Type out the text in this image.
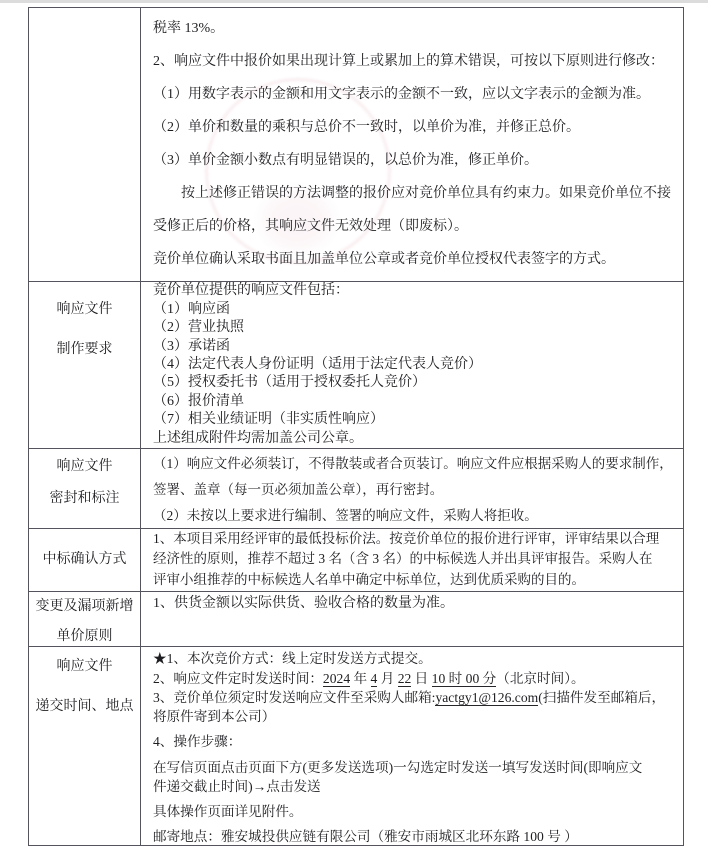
税率 13%。
2、响应文件中报价如果出现计算上或累加上的算术错误，可按以下原则进行修改：
（1）用数字表示的金额和用文字表示的金额不一致，应以文字表示的金额为准。
（2）单价和数量的乘积与总价不一致时，以单价为准，并修正总价。
（3）单价金额小数点有明显错误的，以总价为准，修正单价。
按上述修正错误的方法调整的报价应对竞价单位具有约束力。如果竞价单位不接
受修正后的价格，其响应文件无效处理（即废标）。
竞价单位确认采取书面且加盖单位公章或者竞价单位授权代表签字的方式。
响应文件
制作要求
竞价单位提供的响应文件包括：
（1）响应函
（2）营业执照
（3）承诺函
（4）法定代表人身份证明（适用于法定代表人竞价）
（5）授权委托书（适用于授权委托人竞价）
（6）报价清单
（7）相关业绩证明（非实质性响应）
上述组成附件均需加盖公司公章。
响应文件
密封和标注
（1）响应文件必须装订，不得散装或者合页装订。响应文件应根据采购人的要求制作，
签署、盖章（每一页必须加盖公章），再行密封。
（2）未按以上要求进行编制、签署的响应文件，采购人将拒收。
中标确认方式
1、本项目采用经评审的最低投标价法。按竞价单位的报价进行评审，评审结果以合理
经济性的原则，推荐不超过 3 名（含 3 名）的中标候选人并出具评审报告。采购人在
评审小组推荐的中标候选人名单中确定中标单位，达到优质采购的目的。
变更及漏项新增
单价原则
1、供货金额以实际供货、验收合格的数量为准。
响应文件
递交时间、地点
★1、本次竞价方式：线上定时发送方式提交。
2、响应文件定时发送时间：2024 年 4 月 22 日 10 时 00 分（北京时间）。
3、竞价单位须定时发送响应文件至采购人邮箱:yactgy1@126.com(扫描件发至邮箱后，
将原件寄到本公司）
4、操作步骤：
在写信页面点击页面下方(更多发送选项)一勾选定时发送一填写发送时间(即响应文
件递交截止时间)→点击发送
具体操作页面详见附件。
邮寄地点：雅安城投供应链有限公司（雅安市雨城区北环东路 100 号 ）
